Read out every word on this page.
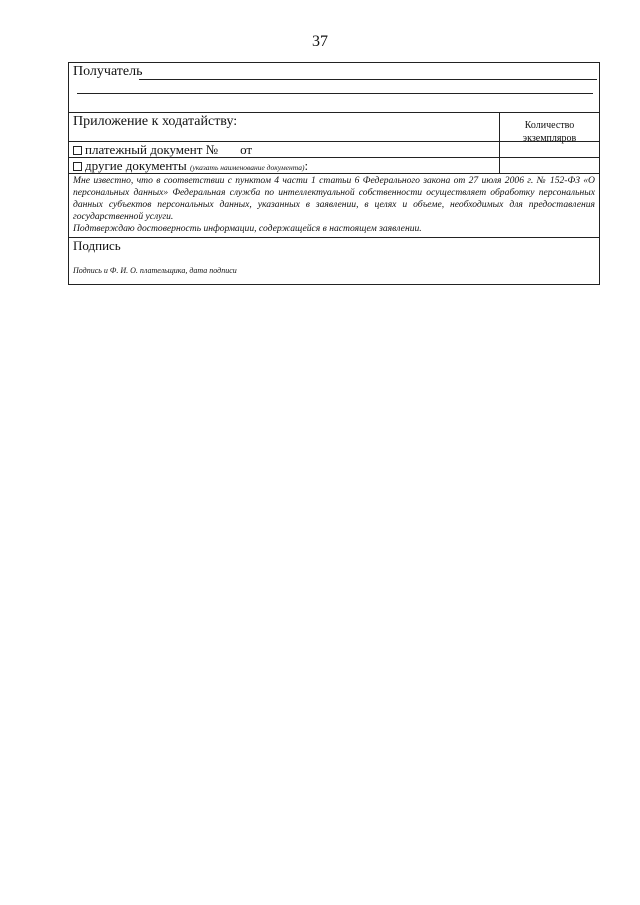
37
Получатель
Приложение к ходатайству:	Количество экземпляров
платежный документ № от
другие документы (указать наименование документа):

Мне известно, что в соответствии с пунктом 4 части 1 статьи 6 Федерального закона от 27 июля 2006 г. № 152-ФЗ «О персональных данных» Федеральная служба по интеллектуальной собственности осуществляет обработку персональных данных субъектов персональных данных, указанных в заявлении, в целях и объеме, необходимых для предоставления государственной услуги.

Подтверждаю достоверность информации, содержащейся в настоящем заявлении.

Подпись
Подпись и Ф. И. О. плательщика, дата подписи
